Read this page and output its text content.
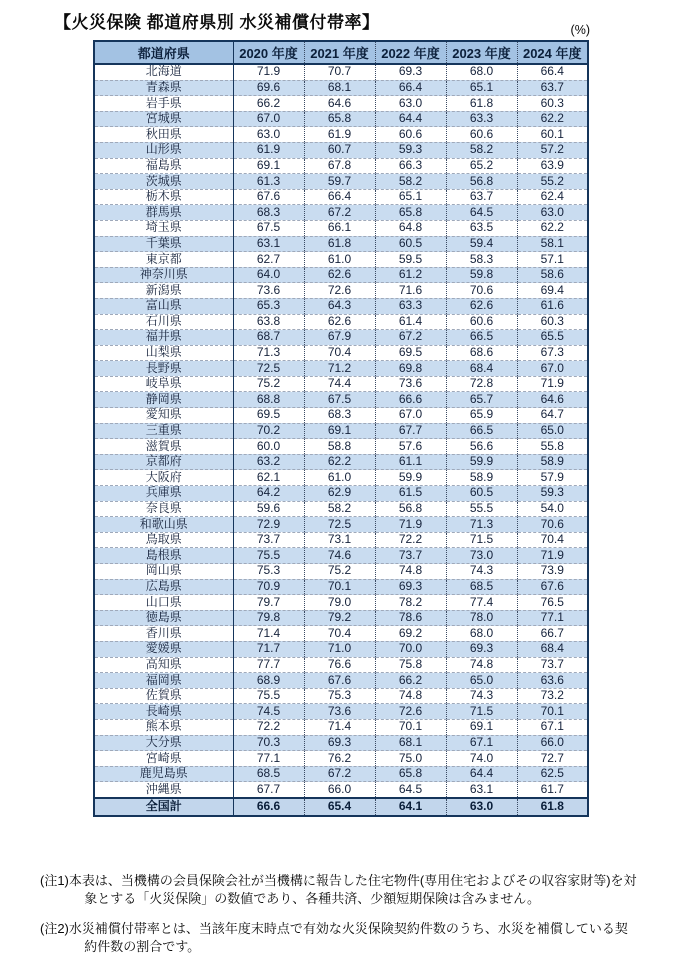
【火災保険 都道府県別 水災補償付帯率】	(%)
都道府県	2020 年度	2021 年度	2022 年度	2023 年度	2024 年度
北海道	71.9	70.7	69.3	68.0	66.4
青森県	69.6	68.1	66.4	65.1	63.7
岩手県	66.2	64.6	63.0	61.8	60.3
宮城県	67.0	65.8	64.4	63.3	62.2
秋田県	63.0	61.9	60.6	60.6	60.1
山形県	61.9	60.7	59.3	58.2	57.2
福島県	69.1	67.8	66.3	65.2	63.9
茨城県	61.3	59.7	58.2	56.8	55.2
栃木県	67.6	66.4	65.1	63.7	62.4
群馬県	68.3	67.2	65.8	64.5	63.0
埼玉県	67.5	66.1	64.8	63.5	62.2
千葉県	63.1	61.8	60.5	59.4	58.1
東京都	62.7	61.0	59.5	58.3	57.1
神奈川県	64.0	62.6	61.2	59.8	58.6
新潟県	73.6	72.6	71.6	70.6	69.4
富山県	65.3	64.3	63.3	62.6	61.6
石川県	63.8	62.6	61.4	60.6	60.3
福井県	68.7	67.9	67.2	66.5	65.5
山梨県	71.3	70.4	69.5	68.6	67.3
長野県	72.5	71.2	69.8	68.4	67.0
岐阜県	75.2	74.4	73.6	72.8	71.9
静岡県	68.8	67.5	66.6	65.7	64.6
愛知県	69.5	68.3	67.0	65.9	64.7
三重県	70.2	69.1	67.7	66.5	65.0
滋賀県	60.0	58.8	57.6	56.6	55.8
京都府	63.2	62.2	61.1	59.9	58.9
大阪府	62.1	61.0	59.9	58.9	57.9
兵庫県	64.2	62.9	61.5	60.5	59.3
奈良県	59.6	58.2	56.8	55.5	54.0
和歌山県	72.9	72.5	71.9	71.3	70.6
鳥取県	73.7	73.1	72.2	71.5	70.4
島根県	75.5	74.6	73.7	73.0	71.9
岡山県	75.3	75.2	74.8	74.3	73.9
広島県	70.9	70.1	69.3	68.5	67.6
山口県	79.7	79.0	78.2	77.4	76.5
徳島県	79.8	79.2	78.6	78.0	77.1
香川県	71.4	70.4	69.2	68.0	66.7
愛媛県	71.7	71.0	70.0	69.3	68.4
高知県	77.7	76.6	75.8	74.8	73.7
福岡県	68.9	67.6	66.2	65.0	63.6
佐賀県	75.5	75.3	74.8	74.3	73.2
長崎県	74.5	73.6	72.6	71.5	70.1
熊本県	72.2	71.4	70.1	69.1	67.1
大分県	70.3	69.3	68.1	67.1	66.0
宮崎県	77.1	76.2	75.0	74.0	72.7
鹿児島県	68.5	67.2	65.8	64.4	62.5
沖縄県	67.7	66.0	64.5	63.1	61.7
全国計	66.6	65.4	64.1	63.0	61.8
(注1)本表は、当機構の会員保険会社が当機構に報告した住宅物件(専用住宅およびその収容家財等)を対象とする「火災保険」の数値であり、各種共済、少額短期保険は含みません。
(注2)水災補償付帯率とは、当該年度末時点で有効な火災保険契約件数のうち、水災を補償している契約件数の割合です。
